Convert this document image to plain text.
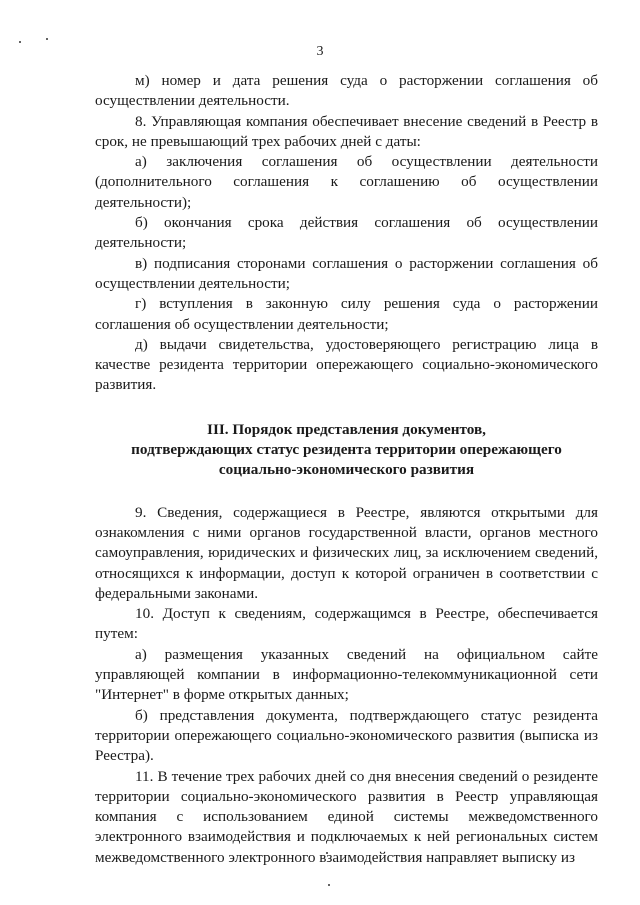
3

м) номер и дата решения суда о расторжении соглашения об осуществлении деятельности.

8. Управляющая компания обеспечивает внесение сведений в Реестр в срок, не превышающий трех рабочих дней с даты:

а) заключения соглашения об осуществлении деятельности (дополнительного соглашения к соглашению об осуществлении деятельности);

б) окончания срока действия соглашения об осуществлении деятельности;

в) подписания сторонами соглашения о расторжении соглашения об осуществлении деятельности;

г) вступления в законную силу решения суда о расторжении соглашения об осуществлении деятельности;

д) выдачи свидетельства, удостоверяющего регистрацию лица в качестве резидента территории опережающего социально-экономического развития.

III. Порядок представления документов,
подтверждающих статус резидента территории опережающего
социально-экономического развития

9. Сведения, содержащиеся в Реестре, являются открытыми для ознакомления с ними органов государственной власти, органов местного самоуправления, юридических и физических лиц, за исключением сведений, относящихся к информации, доступ к которой ограничен в соответствии с федеральными законами.

10. Доступ к сведениям, содержащимся в Реестре, обеспечивается путем:

а) размещения указанных сведений на официальном сайте управляющей компании в информационно-телекоммуникационной сети "Интернет" в форме открытых данных;

б) представления документа, подтверждающего статус резидента территории опережающего социально-экономического развития (выписка из Реестра).

11. В течение трех рабочих дней со дня внесения сведений о резиденте территории социально-экономического развития в Реестр управляющая компания с использованием единой системы межведомственного электронного взаимодействия и подключаемых к ней региональных систем межведомственного электронного взаимодействия направляет выписку из
